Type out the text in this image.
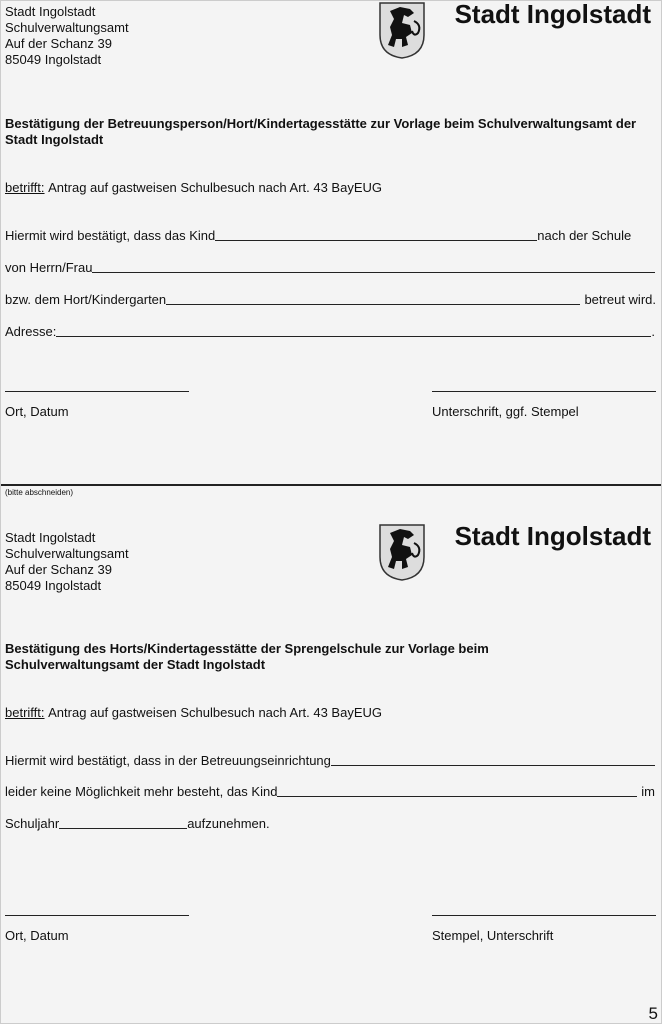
Stadt Ingolstadt
Schulverwaltungsamt
Auf der Schanz 39
85049 Ingolstadt
Stadt Ingolstadt
Bestätigung der Betreuungsperson/Hort/Kindertagesstätte zur Vorlage beim Schulverwaltungsamt der Stadt Ingolstadt
betrifft:
Antrag auf gastweisen Schulbesuch nach Art. 43 BayEUG
Hiermit wird bestätigt, dass das Kind	nach der Schule
von Herrn/Frau
bzw. dem Hort/Kindergarten	betreut wird.
Adresse:	.
Ort, Datum	Unterschrift, ggf. Stempel
(bitte abschneiden)
Stadt Ingolstadt
Schulverwaltungsamt
Auf der Schanz 39
85049 Ingolstadt
Stadt Ingolstadt
Bestätigung des Horts/Kindertagesstätte der Sprengelschule zur Vorlage beim Schulverwaltungsamt der Stadt Ingolstadt
betrifft:
Antrag auf gastweisen Schulbesuch nach Art. 43 BayEUG
Hiermit wird bestätigt, dass in der Betreuungseinrichtung
leider keine Möglichkeit mehr besteht, das Kind	im
Schuljahr	aufzunehmen.
Ort, Datum	Stempel, Unterschrift
5
